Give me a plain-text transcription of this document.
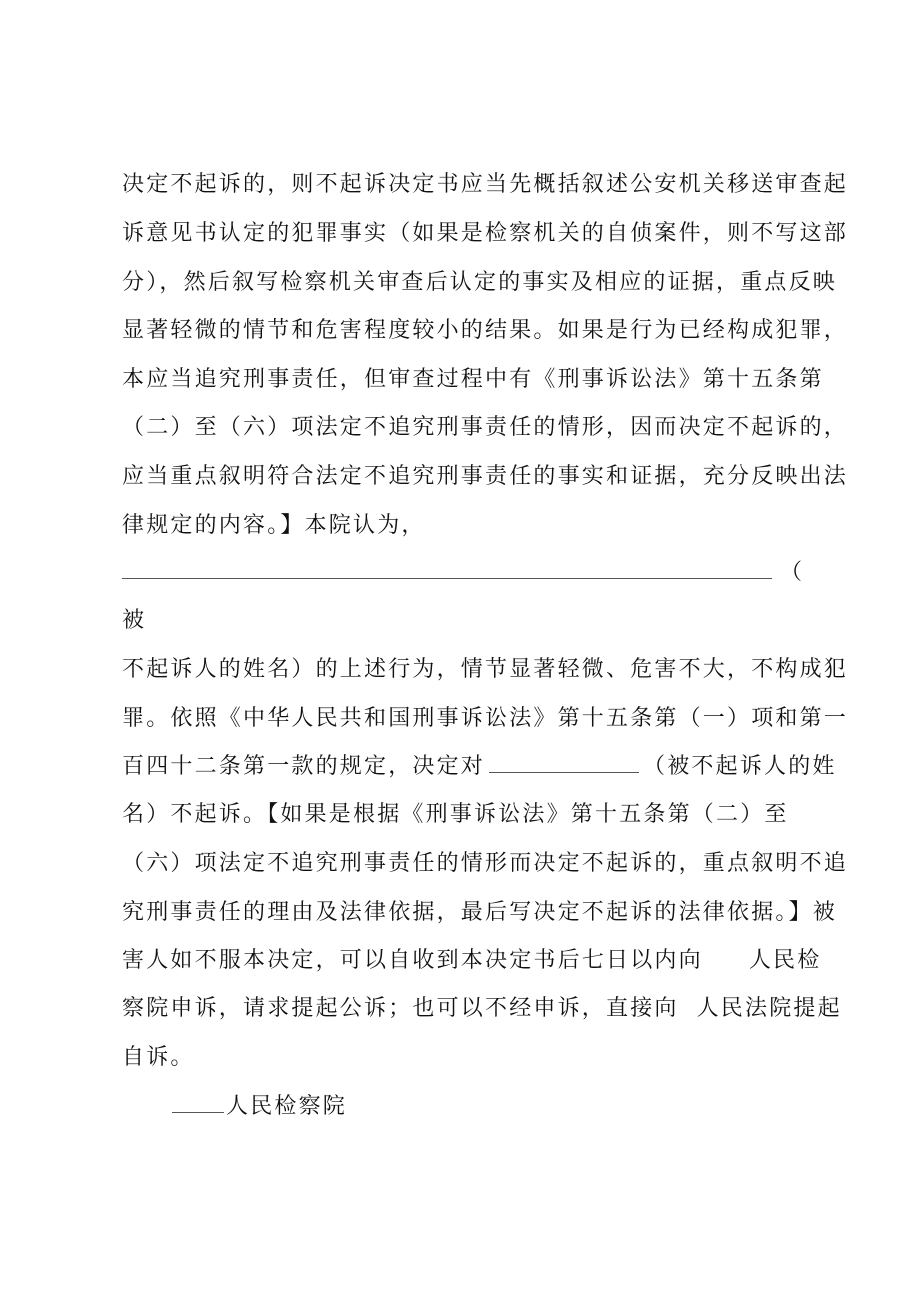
决定不起诉的，则不起诉决定书应当先概括叙述公安机关移送审查起
诉意见书认定的犯罪事实（如果是检察机关的自侦案件，则不写这部
分），然后叙写检察机关审查后认定的事实及相应的证据，重点反映
显著轻微的情节和危害程度较小的结果。如果是行为已经构成犯罪，
本应当追究刑事责任，但审查过程中有《刑事诉讼法》第十五条第
（二）至（六）项法定不追究刑事责任的情形，因而决定不起诉的，
应当重点叙明符合法定不追究刑事责任的事实和证据，充分反映出法
律规定的内容。】本院认为，
（
被
不起诉人的姓名）的上述行为，情节显著轻微、危害不大，不构成犯
罪。依照《中华人民共和国刑事诉讼法》第十五条第（一）项和第一
百四十二条第一款的规定，决定对	（被不起诉人的姓
名）不起诉。【如果是根据《刑事诉讼法》第十五条第（二）至
（六）项法定不追究刑事责任的情形而决定不起诉的，重点叙明不追
究刑事责任的理由及法律依据，最后写决定不起诉的法律依据。】被
害人如不服本决定，可以自收到本决定书后七日以内向 人民检
察院申诉，请求提起公诉；也可以不经申诉，直接向 人民法院提起
自诉。
人民检察院
